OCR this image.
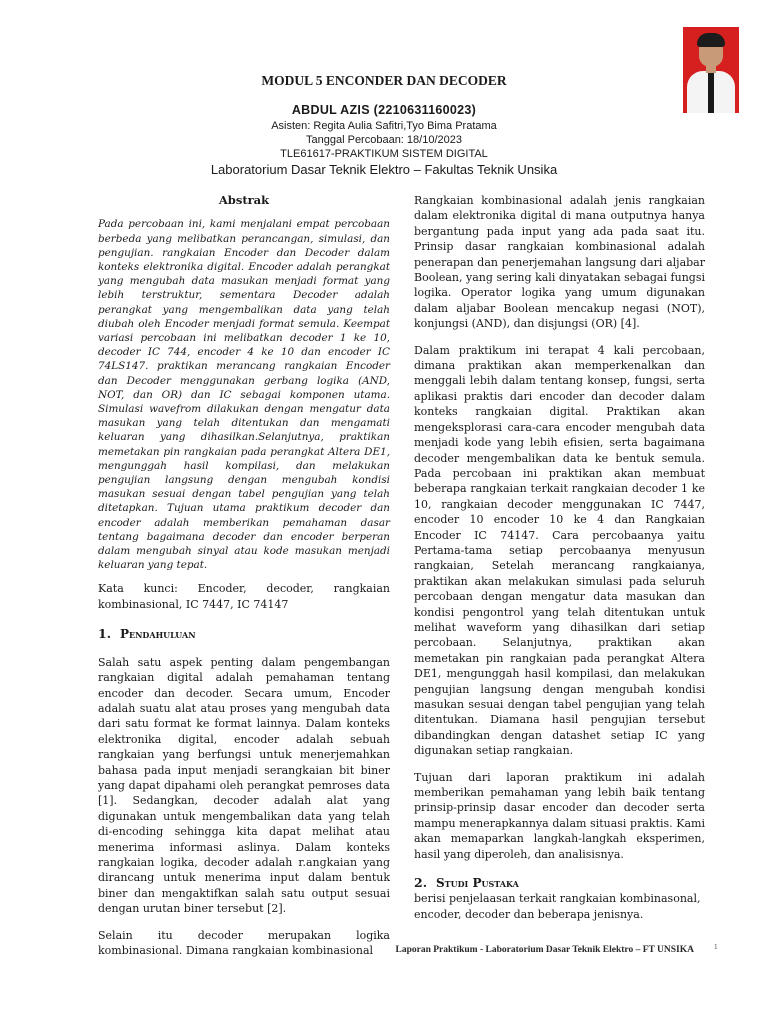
MODUL 5 ENCONDER DAN DECODER
ABDUL AZIS (2210631160023)
Asisten: Regita Aulia Safitri,Tyo Bima Pratama
Tanggal Percobaan: 18/10/2023
TLE61617-PRAKTIKUM SISTEM DIGITAL
Laboratorium Dasar Teknik Elektro – Fakultas Teknik Unsika
Abstrak

Pada percobaan ini, kami menjalani empat percobaan berbeda yang melibatkan perancangan, simulasi, dan pengujian. rangkaian Encoder dan Decoder dalam konteks elektronika digital. Encoder adalah perangkat yang mengubah data masukan menjadi format yang lebih terstruktur, sementara Decoder adalah perangkat yang mengembalikan data yang telah diubah oleh Encoder menjadi format semula. Keempat variasi percobaan ini melibatkan decoder 1 ke 10, decoder IC 744, encoder 4 ke 10 dan encoder IC 74LS147. praktikan merancang rangkaian Encoder dan Decoder menggunakan gerbang logika (AND, NOT, dan OR) dan IC sebagai komponen utama. Simulasi wavefrom dilakukan dengan mengatur data masukan yang telah ditentukan dan mengamati keluaran yang dihasilkan.Selanjutnya, praktikan memetakan pin rangkaian pada perangkat Altera DE1, mengunggah hasil kompilasi, dan melakukan pengujian langsung dengan mengubah kondisi masukan sesuai dengan tabel pengujian yang telah ditetapkan. Tujuan utama praktikum decoder dan encoder adalah memberikan pemahaman dasar tentang bagaimana decoder dan encoder berperan dalam mengubah sinyal atau kode masukan menjadi keluaran yang tepat.

Kata kunci: Encoder, decoder, rangkaian kombinasional, IC 7447, IC 74147

1. Pendahuluan

Salah satu aspek penting dalam pengembangan rangkaian digital adalah pemahaman tentang encoder dan decoder. Secara umum, Encoder adalah suatu alat atau proses yang mengubah data dari satu format ke format lainnya. Dalam konteks elektronika digital, encoder adalah sebuah rangkaian yang berfungsi untuk menerjemahkan bahasa pada input menjadi serangkaian bit biner yang dapat dipahami oleh perangkat pemroses data [1]. Sedangkan, decoder adalah alat yang digunakan untuk mengembalikan data yang telah di-encoding sehingga kita dapat melihat atau menerima informasi aslinya. Dalam konteks rangkaian logika, decoder adalah r.angkaian yang dirancang untuk menerima input dalam bentuk biner dan mengaktifkan salah satu output sesuai dengan urutan biner tersebut [2].

Selain itu decoder merupakan logika kombinasional. Dimana rangkaian kombinasional

Rangkaian kombinasional adalah jenis rangkaian dalam elektronika digital di mana outputnya hanya bergantung pada input yang ada pada saat itu. Prinsip dasar rangkaian kombinasional adalah penerapan dan penerjemahan langsung dari aljabar Boolean, yang sering kali dinyatakan sebagai fungsi logika. Operator logika yang umum digunakan dalam aljabar Boolean mencakup negasi (NOT), konjungsi (AND), dan disjungsi (OR) [4].

Dalam praktikum ini terapat 4 kali percobaan, dimana praktikan akan memperkenalkan dan menggali lebih dalam tentang konsep, fungsi, serta aplikasi praktis dari encoder dan decoder dalam konteks rangkaian digital. Praktikan akan mengeksplorasi cara-cara encoder mengubah data menjadi kode yang lebih efisien, serta bagaimana decoder mengembalikan data ke bentuk semula. Pada percobaan ini praktikan akan membuat beberapa rangkaian terkait rangkaian decoder 1 ke 10, rangkaian decoder menggunakan IC 7447, encoder 10 encoder 10 ke 4 dan Rangkaian Encoder IC 74147. Cara percobaanya yaitu Pertama-tama setiap percobaanya menyusun rangkaian, Setelah merancang rangkaianya, praktikan akan melakukan simulasi pada seluruh percobaan dengan mengatur data masukan dan kondisi pengontrol yang telah ditentukan untuk melihat waveform yang dihasilkan dari setiap percobaan. Selanjutnya, praktikan akan memetakan pin rangkaian pada perangkat Altera DE1, mengunggah hasil kompilasi, dan melakukan pengujian langsung dengan mengubah kondisi masukan sesuai dengan tabel pengujian yang telah ditentukan. Diamana hasil pengujian tersebut dibandingkan dengan datashet setiap IC yang digunakan setiap rangkaian.

Tujuan dari laporan praktikum ini adalah memberikan pemahaman yang lebih baik tentang prinsip-prinsip dasar encoder dan decoder serta mampu menerapkannya dalam situasi praktis. Kami akan memaparkan langkah-langkah eksperimen, hasil yang diperoleh, dan analisisnya.

2. Studi Pustaka

berisi penjelaasan terkait rangkaian kombinasonal, encoder, decoder dan beberapa jenisnya.

Laporan Praktikum - Laboratorium Dasar Teknik Elektro – FT UNSIKA	1
